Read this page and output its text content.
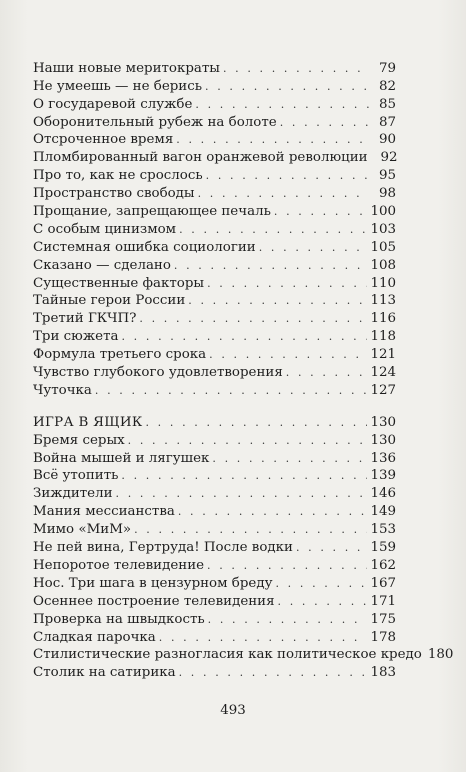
Наши новые меритократы . . .	79
Не умеешь — не берись . . .	82
О государевой службе . . .	85
Оборонительный рубеж на болоте . . .	87
Отсроченное время . . .	90
Пломбированный вагон оранжевой революции 92
Про то, как не срослось . . .	95
Пространство свободы . . .	98
Прощание, запрещающее печаль . . .	100
С особым цинизмом . . .	103
Системная ошибка социологии . . .	105
Сказано — сделано . . .	108
Существенные факторы . . .	110
Тайные герои России . . .	113
Третий ГКЧП? . . .	116
Три сюжета . . .	118
Формула третьего срока . . .	121
Чувство глубокого удовлетворения . . .	124
Чуточка . . .	127
ИГРА В ЯЩИК . . .	130
Бремя серых . . .	130
Война мышей и лягушек . . .	136
Всё утопить . . .	139
Зиждители . . .	146
Мания мессианства . . .	149
Мимо «МиМ» . . .	153
Не пей вина, Гертруда! После водки . . .	159
Непоротое телевидение . . .	162
Нос. Три шага в цензурном бреду . . .	167
Осеннее построение телевидения . . .	171
Проверка на швыдкость . . .	175
Сладкая парочка . . .	178
Стилистические разногласия как политическое кредо 180
Столик на сатирика . . .	183
493
